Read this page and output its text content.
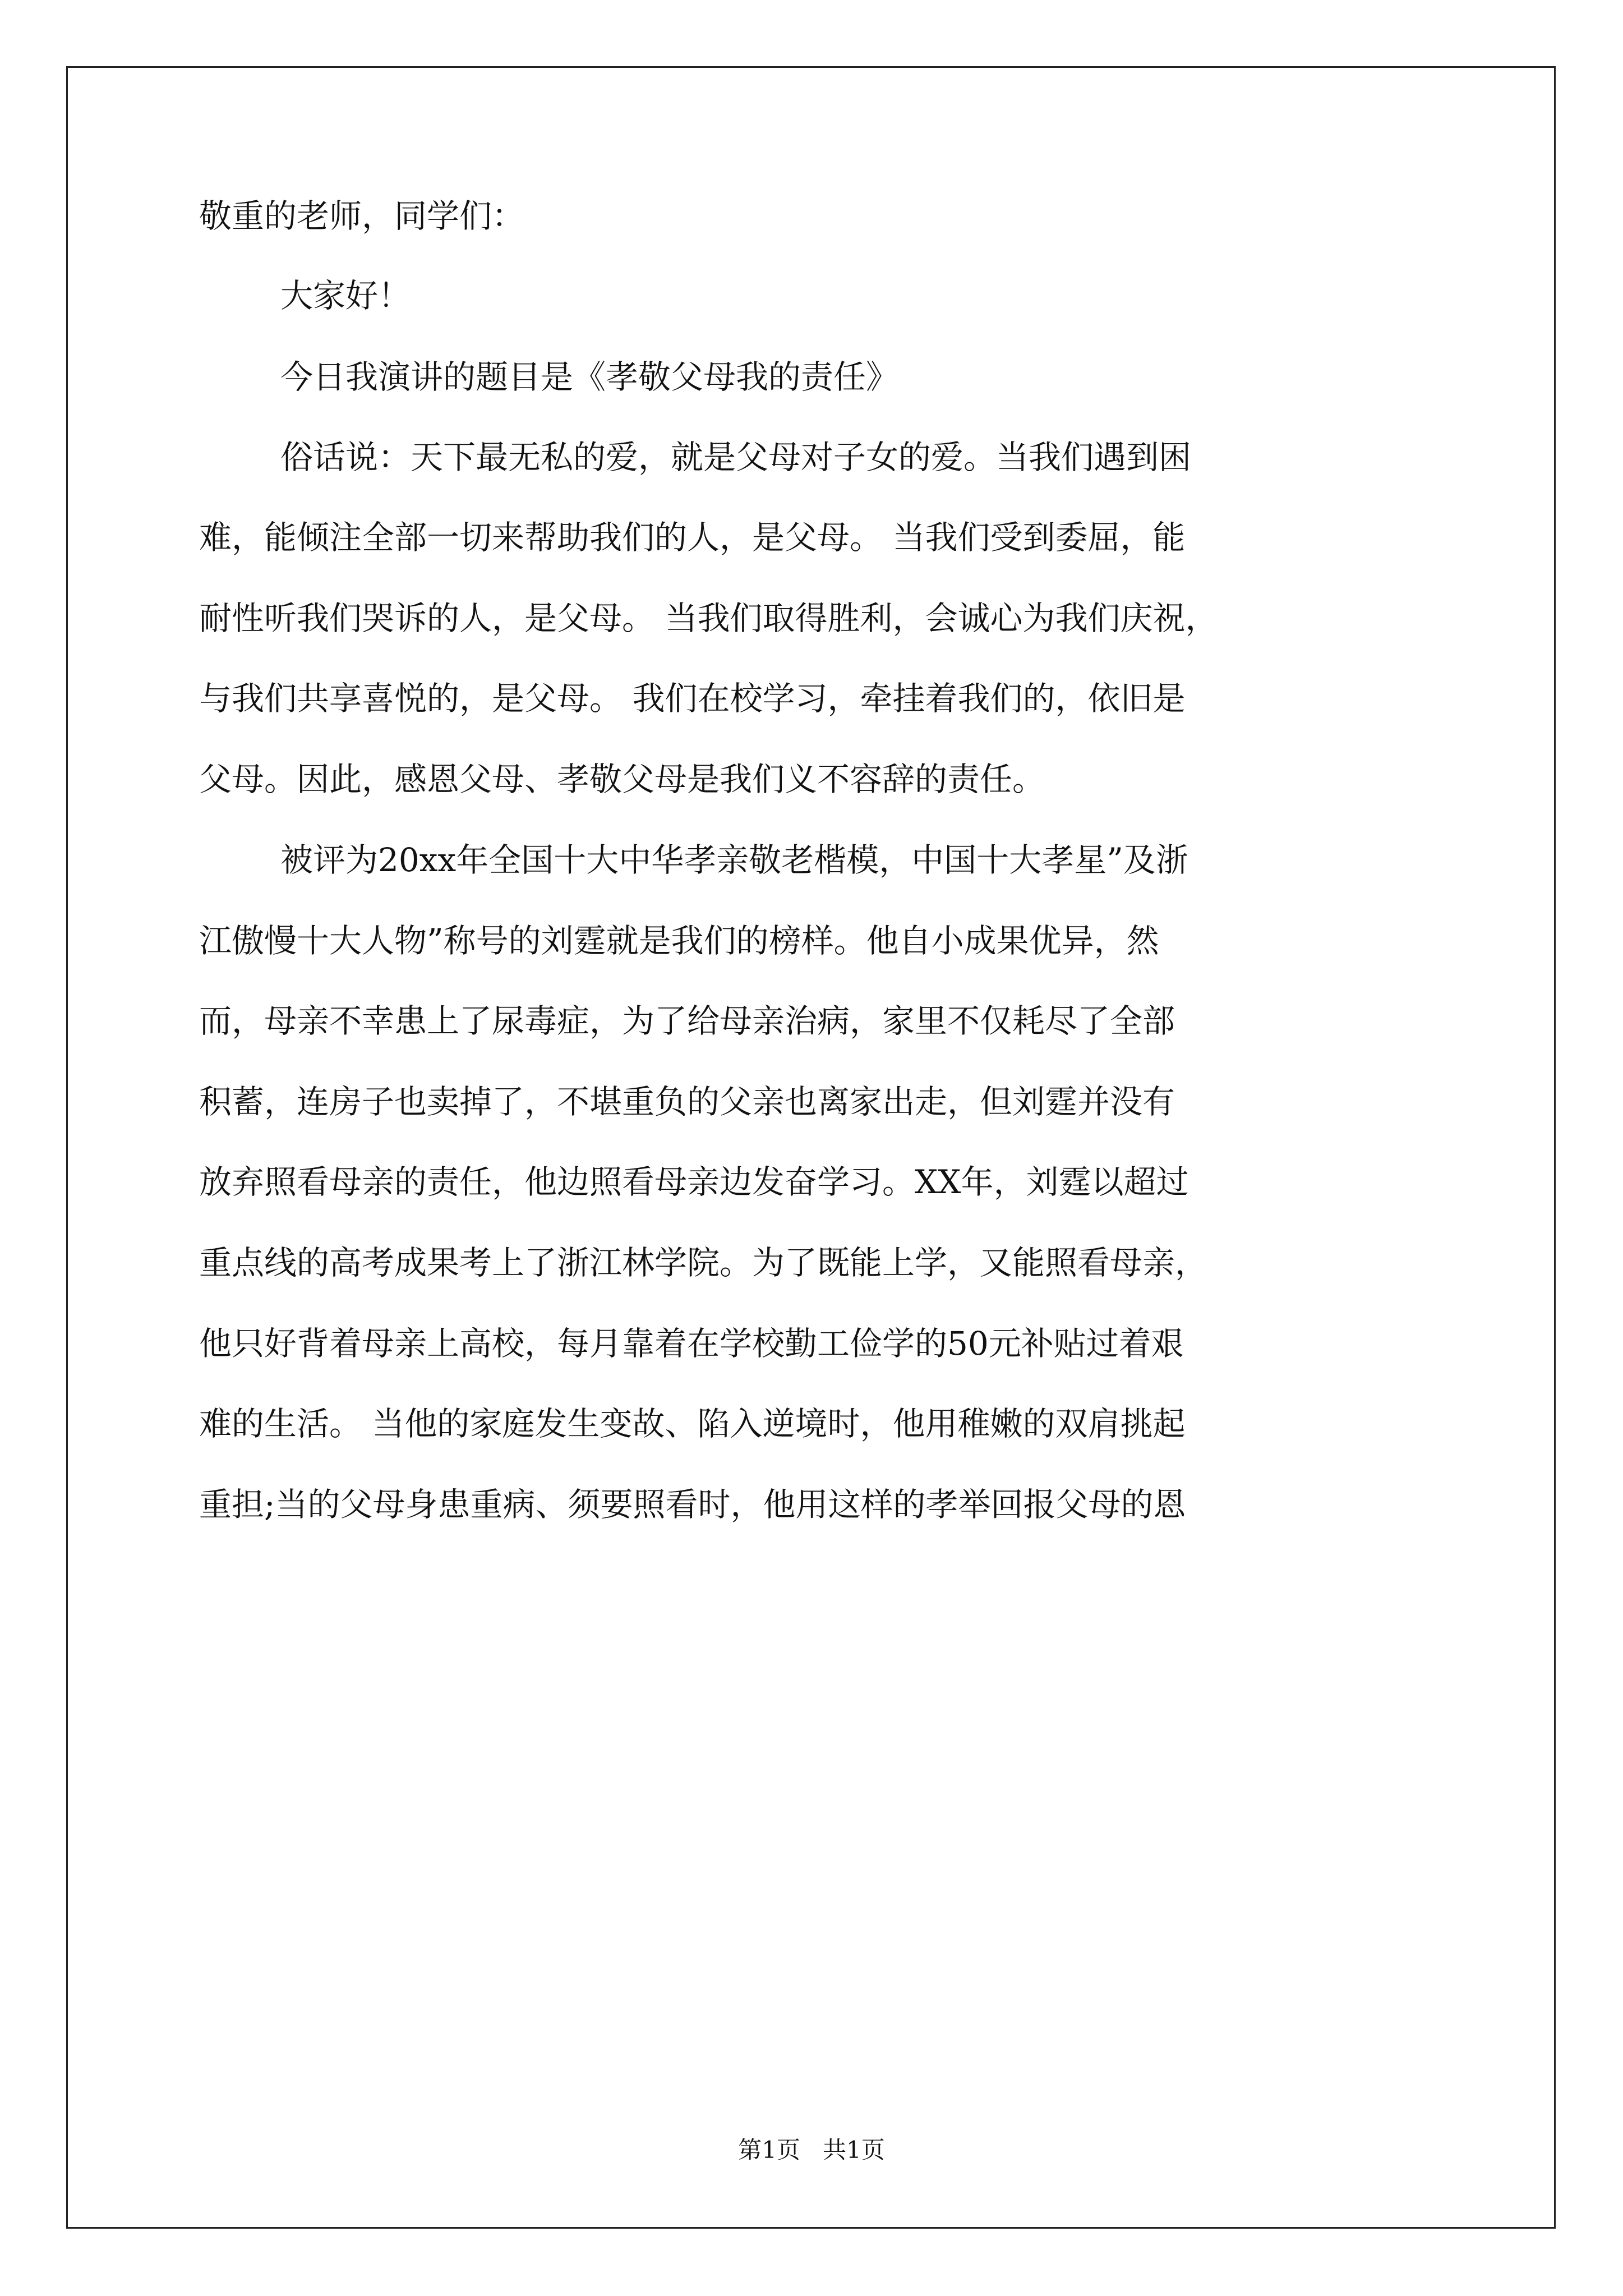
敬重的老师，同学们：
大家好！
今日我演讲的题目是《孝敬父母我的责任》
俗话说：天下最无私的爱，就是父母对子女的爱。当我们遇到困
难，能倾注全部一切来帮助我们的人，是父母。 当我们受到委屈，能
耐性听我们哭诉的人，是父母。 当我们取得胜利，会诚心为我们庆祝，
与我们共享喜悦的，是父母。 我们在校学习，牵挂着我们的，依旧是
父母。因此，感恩父母、孝敬父母是我们义不容辞的责任。
被评为20xx年全国十大中华孝亲敬老楷模，中国十大孝星”及浙
江傲慢十大人物”称号的刘霆就是我们的榜样。他自小成果优异，然
而，母亲不幸患上了尿毒症，为了给母亲治病，家里不仅耗尽了全部
积蓄，连房子也卖掉了，不堪重负的父亲也离家出走，但刘霆并没有
放弃照看母亲的责任，他边照看母亲边发奋学习。XX年，刘霆以超过
重点线的高考成果考上了浙江林学院。为了既能上学，又能照看母亲，
他只好背着母亲上高校，每月靠着在学校勤工俭学的50元补贴过着艰
难的生活。 当他的家庭发生变故、陷入逆境时，他用稚嫩的双肩挑起
重担;当的父母身患重病、须要照看时，他用这样的孝举回报父母的恩
第1页   共1页
